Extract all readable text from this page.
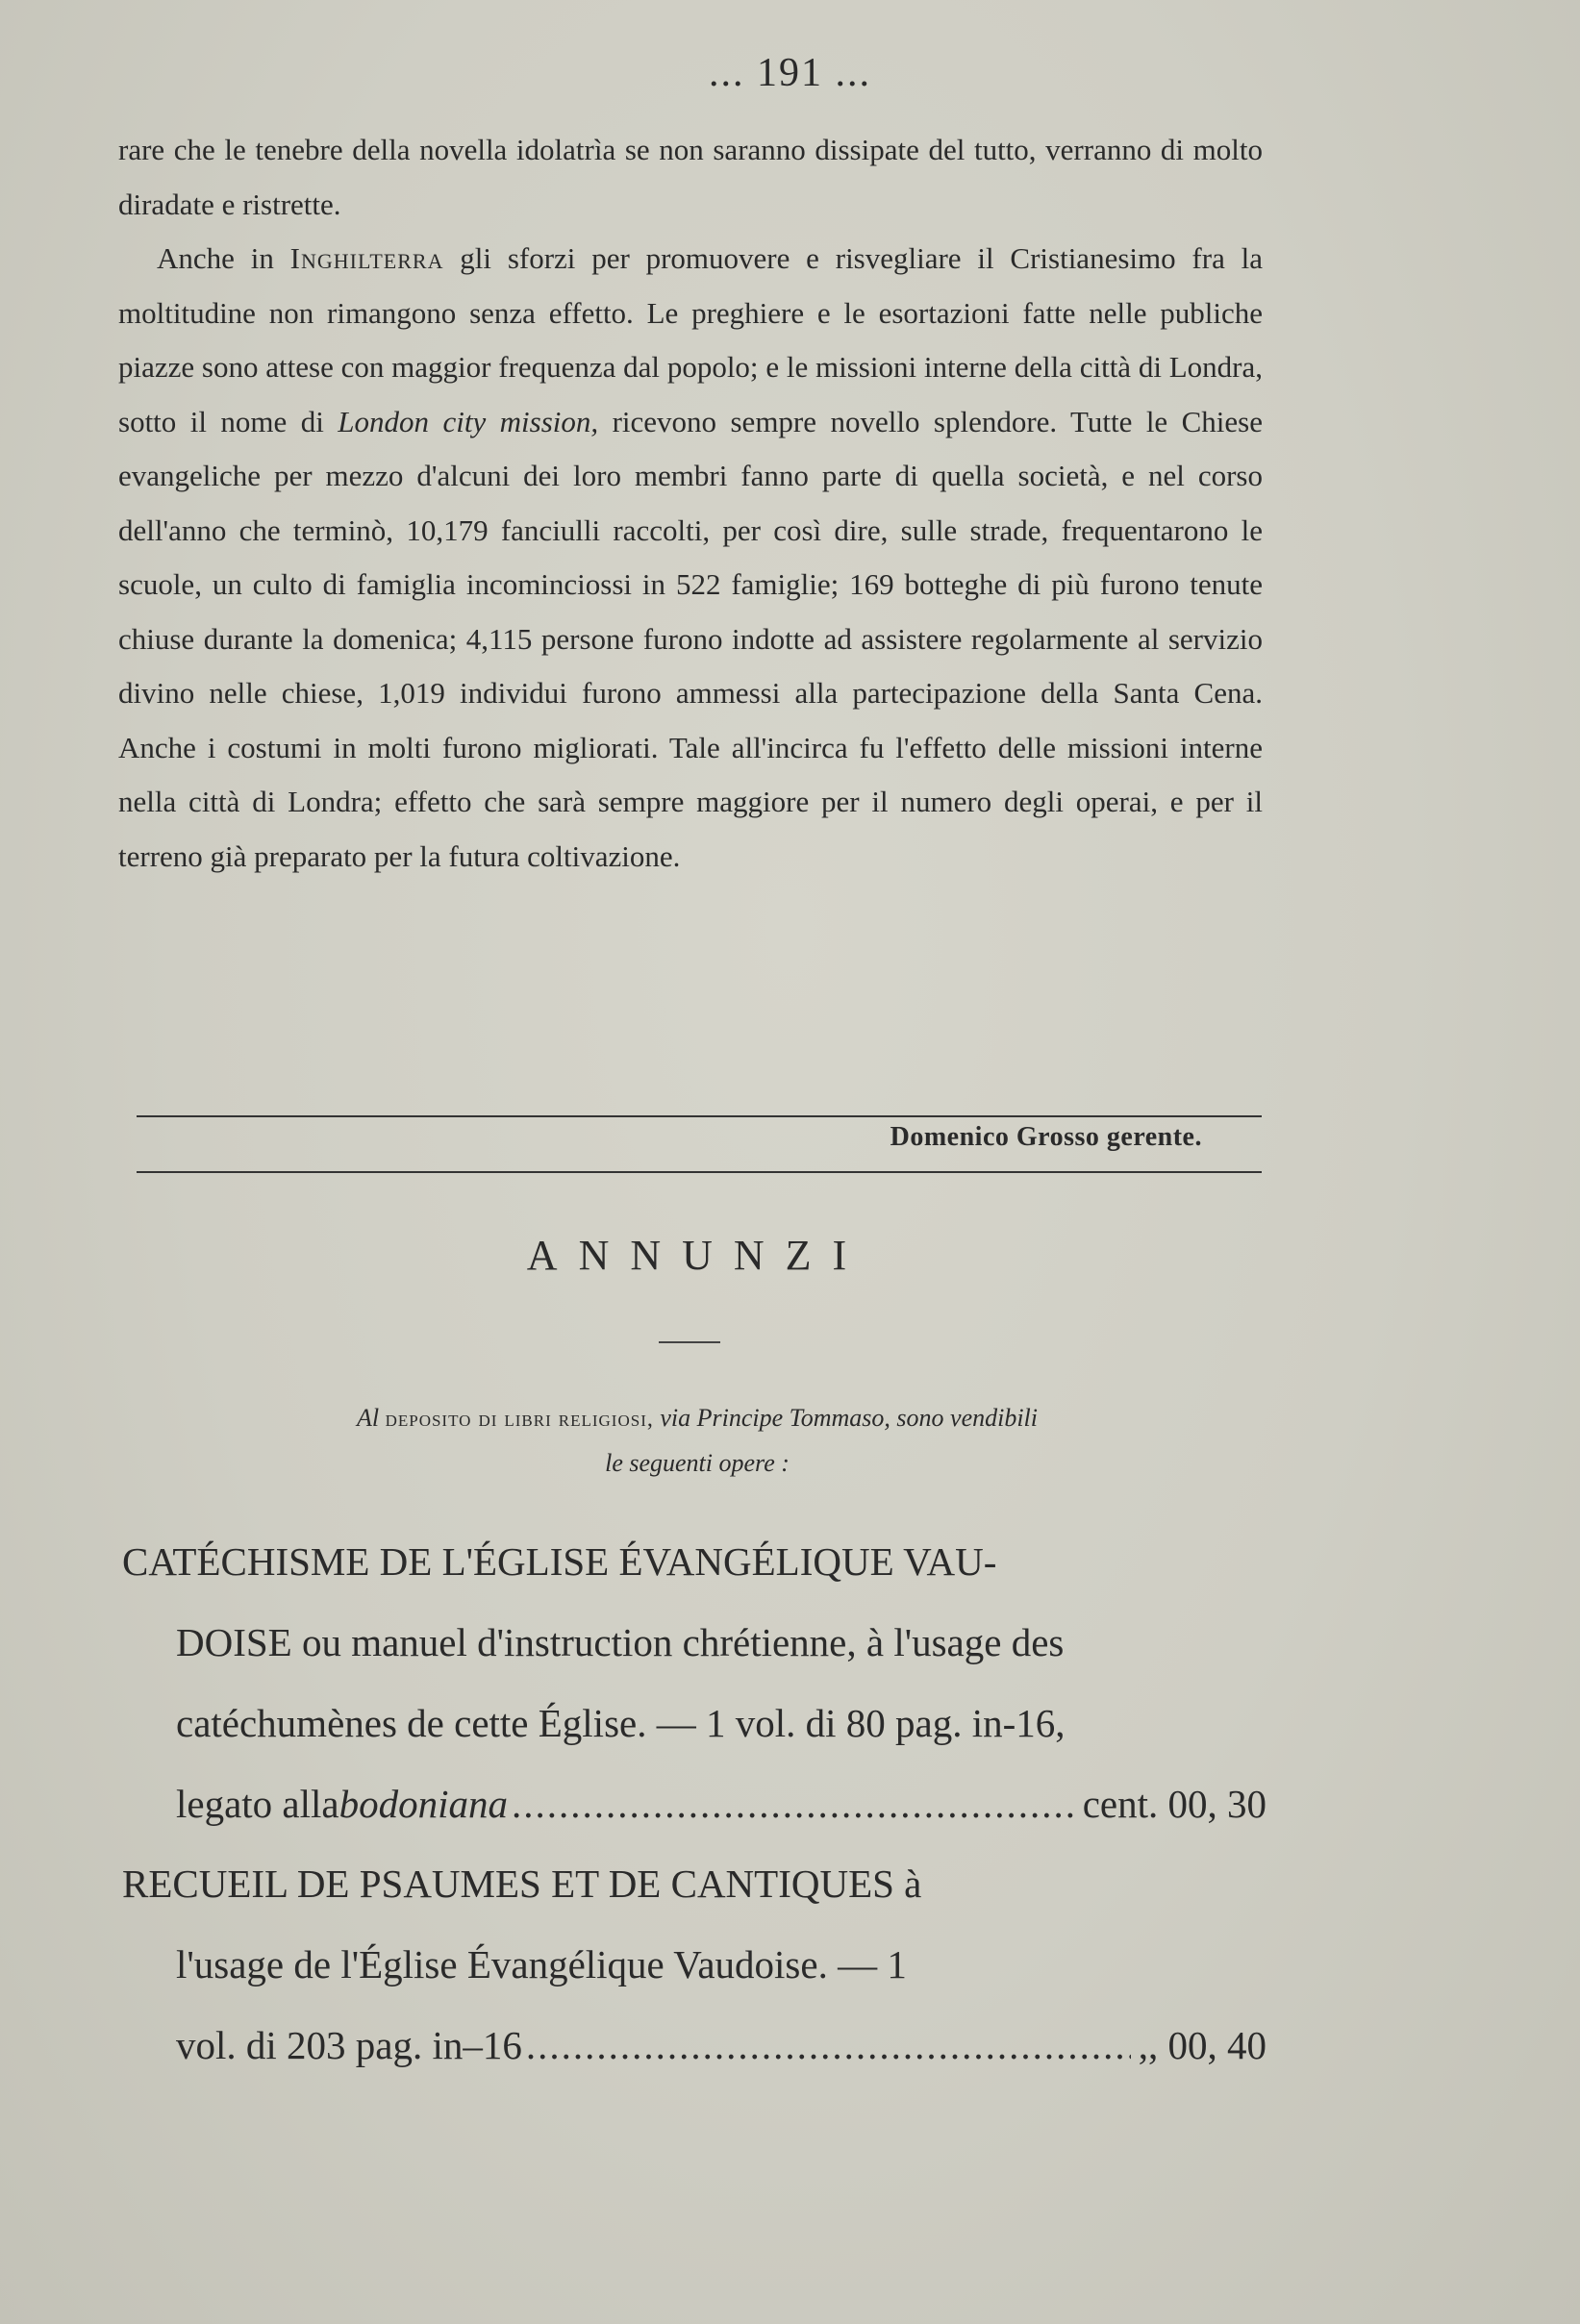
... 191 ...

rare che le tenebre della novella idolatrìa se non saranno dissipate del tutto, verranno di molto diradate e ristrette.

Anche in Inghilterra gli sforzi per promuovere e risvegliare il Cristianesimo fra la moltitudine non rimangono senza effetto. Le preghiere e le esortazioni fatte nelle publiche piazze sono attese con maggior frequenza dal popolo; e le missioni interne della città di Londra, sotto il nome di London city mission, ricevono sempre novello splendore. Tutte le Chiese evangeliche per mezzo d'alcuni dei loro membri fanno parte di quella società, e nel corso dell'anno che terminò, 10,179 fanciulli raccolti, per così dire, sulle strade, frequentarono le scuole, un culto di famiglia incominciossi in 522 famiglie; 169 botteghe di più furono tenute chiuse durante la domenica; 4,115 persone furono indotte ad assistere regolarmente al servizio divino nelle chiese, 1,019 individui furono ammessi alla partecipazione della Santa Cena. Anche i costumi in molti furono migliorati. Tale all'incirca fu l'effetto delle missioni interne nella città di Londra; effetto che sarà sempre maggiore per il numero degli operai, e per il terreno già preparato per la futura coltivazione.

Domenico Grosso gerente.
ANNUNZI
Al deposito di libri religiosi, via Principe Tommaso, sono vendibili
le seguenti opere :
CATÉCHISME DE L'ÉGLISE ÉVANGÉLIQUE VAU-
DOISE ou manuel d'instruction chrétienne, à l'usage des
catéchumènes de cette Église. — 1 vol. di 80 pag. in-16,
legato alla bodoniana .....	cent. 00, 30
RECUEIL DE PSAUMES ET DE CANTIQUES à
l'usage de l'Église Évangélique Vaudoise. — 1
vol. di 203 pag. in–16 .....	,, 00, 40
